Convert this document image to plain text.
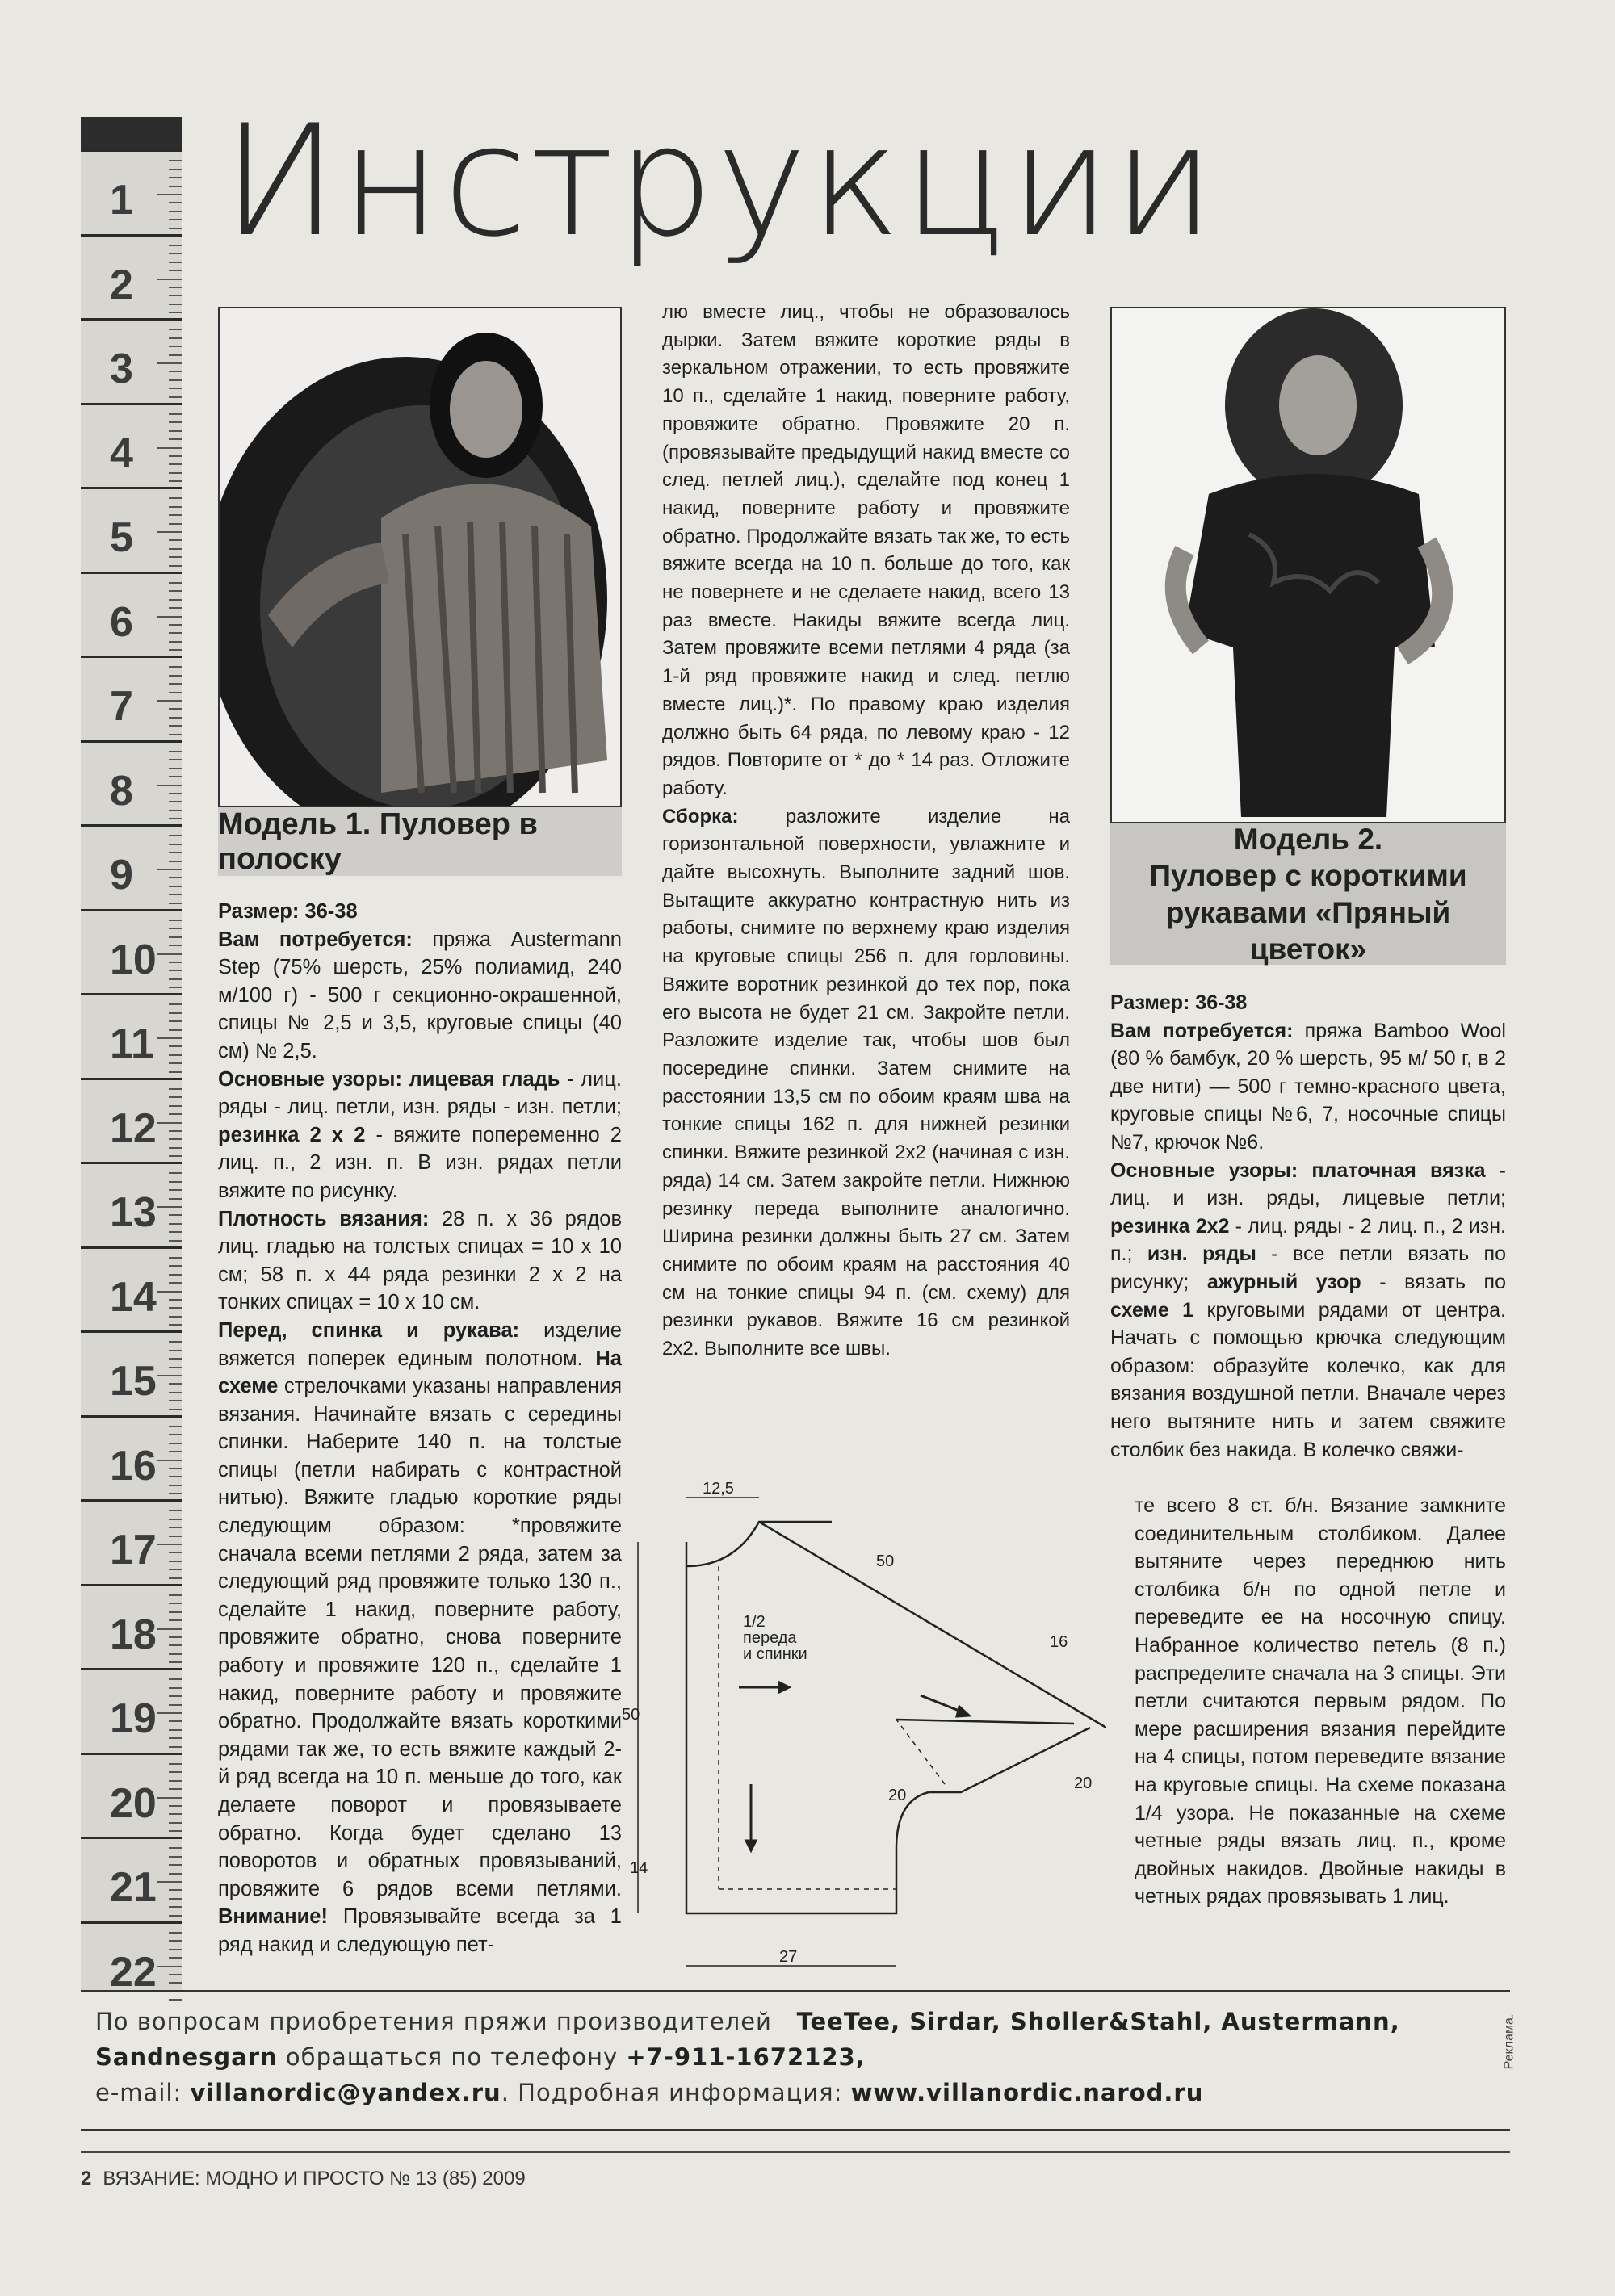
1
2
3
4
5
6
7
8
9
10
11
12
13
14
15
16
17
18
19
20
21
22
Инструкции
Модель 1. Пуловер в полоску
Модель 2.
Пуловер с короткими
рукавами «Пряный цветок»

Размер: 36-38

Вам потребуется: пряжа Austermann Step (75% шерсть, 25% полиамид, 240 м/100 г) - 500 г секционно-окрашенной, спицы № 2,5 и 3,5, круговые спицы (40 см) № 2,5.

Основные узоры: лицевая гладь - лиц. ряды - лиц. петли, изн. ряды - изн. петли; резинка 2 х 2 - вяжите попеременно 2 лиц. п., 2 изн. п. В изн. рядах петли вяжите по рисунку.

Плотность вязания: 28 п. х 36 рядов лиц. гладью на толстых спицах = 10 х 10 см; 58 п. х 44 ряда резинки 2 х 2 на тонких спицах = 10 х 10 см.

Перед, спинка и рукава: изделие вяжется поперек единым полотном. На схеме стрелочками указаны направления вязания. Начинайте вязать с середины спинки. Наберите 140 п. на толстые спицы (петли набирать с контрастной нитью). Вяжите гладью короткие ряды следующим образом: *провяжите сначала всеми петлями 2 ряда, затем за следующий ряд провяжите только 130 п., сделайте 1 накид, поверните работу, провяжите обратно, снова поверните работу и провяжите 120 п., сделайте 1 накид, поверните работу и провяжите обратно. Продолжайте вязать короткими рядами так же, то есть вяжите каждый 2-й ряд всегда на 10 п. меньше до того, как делаете поворот и провязываете обратно. Когда будет сделано 13 поворотов и обратных провязываний, провяжите 6 рядов всеми петлями. Внимание! Провязывайте всегда за 1 ряд накид и следующую пет-

лю вместе лиц., чтобы не образовалось дырки. Затем вяжите короткие ряды в зеркальном отражении, то есть провяжите 10 п., сделайте 1 накид, поверните работу, провяжите обратно. Провяжите 20 п. (провязывайте предыдущий накид вместе со след. петлей лиц.), сделайте под конец 1 накид, поверните работу и провяжите обратно. Продолжайте вязать так же, то есть вяжите всегда на 10 п. больше до того, как не повернете и не сделаете накид, всего 13 раз вместе. Накиды вяжите всегда лиц. Затем провяжите всеми петлями 4 ряда (за 1-й ряд провяжите накид и след. петлю вместе лиц.)*. По правому краю изделия должно быть 64 ряда, по левому краю - 12 рядов. Повторите от * до * 14 раз. Отложите работу.

Сборка: разложите изделие на горизонтальной поверхности, увлажните и дайте высохнуть. Выполните задний шов. Вытащите аккуратно контрастную нить из работы, снимите по верхнему краю изделия на круговые спицы 256 п. для горловины. Вяжите воротник резинкой до тех пор, пока его высота не будет 21 см. Закройте петли. Разложите изделие так, чтобы шов был посередине спинки. Затем снимите на расстоянии 13,5 см по обоим краям шва на тонкие спицы 162 п. для нижней резинки спинки. Вяжите резинкой 2х2 (начиная с изн. ряда) 14 см. Затем закройте петли. Нижнюю резинку переда выполните аналогично. Ширина резинки должны быть 27 см. Затем снимите по обоим краям на расстояния 40 см на тонкие спицы 94 п. (см. схему) для резинки рукавов. Вяжите 16 см резинкой 2х2. Выполните все швы.

12,5
50
16
50
1/2
переда
и спинки
20
20
14
27

Размер: 36-38

Вам потребуется: пряжа Bamboo Wool (80 % бамбук, 20 % шерсть, 95 м/ 50 г, в 2 две нити) — 500 г темно-красного цвета, круговые спицы №6, 7, носочные спицы №7, крючок №6.

Основные узоры: платочная вязка - лиц. и изн. ряды, лицевые петли; резинка 2х2 - лиц. ряды - 2 лиц. п., 2 изн. п.; изн. ряды - все петли вязать по рисунку; ажурный узор - вязать по схеме 1 круговыми рядами от центра. Начать с помощью крючка следующим образом: образуйте колечко, как для вязания воздушной петли. Вначале через него вытяните нить и затем свяжите столбик без накида. В колечко свяжи-

те всего 8 ст. б/н. Вязание замкните соединительным столбиком. Далее вытяните через переднюю нить столбика б/н по одной петле и переведите ее на носочную спицу. Набранное количество петель (8 п.) распределите сначала на 3 спицы. Эти петли считаются первым рядом. По мере расширения вязания перейдите на 4 спицы, потом переведите вязание на круговые спицы. На схеме показана 1/4 узора. Не показанные на схеме четные ряды вязать лиц. п., кроме двойных накидов. Двойные накиды в четных рядах провязывать 1 лиц.

По вопросам приобретения пряжи производителей TeeTee, Sirdar, Sholler&Stahl, Austermann,
Sandnesgarn обращаться по телефону +7-911-1672123,
e-mail: villanordic@yandex.ru. Подробная информация: www.villanordic.narod.ru
Реклама.
2 ВЯЗАНИЕ: МОДНО И ПРОСТО № 13 (85) 2009
